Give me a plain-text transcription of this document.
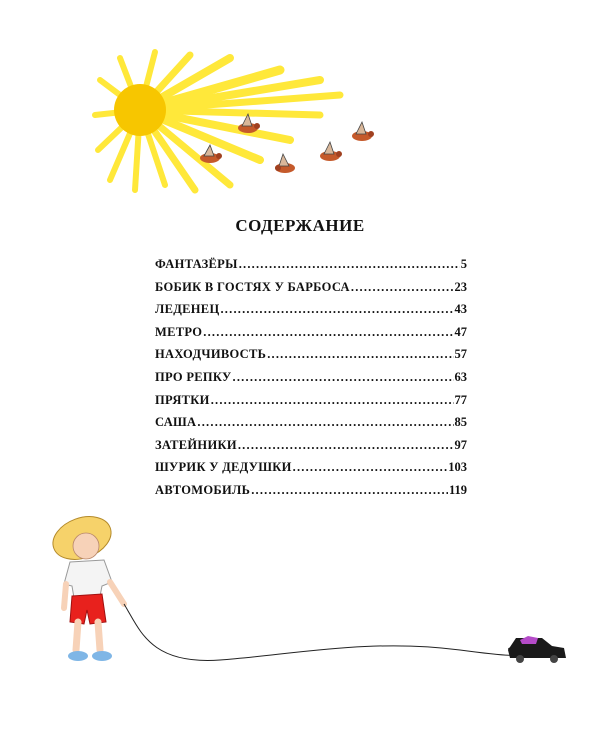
СОДЕРЖАНИЕ
ФАНТАЗЁРЫ .....	5
БОБИК В ГОСТЯХ У БАРБОСА .....	23
ЛЕДЕНЕЦ .....	43
МЕТРО .....	47
НАХОДЧИВОСТЬ .....	57
ПРО РЕПКУ .....	63
ПРЯТКИ .....	77
САША .....	85
ЗАТЕЙНИКИ .....	97
ШУРИК У ДЕДУШКИ .....	103
АВТОМОБИЛЬ .....	119
